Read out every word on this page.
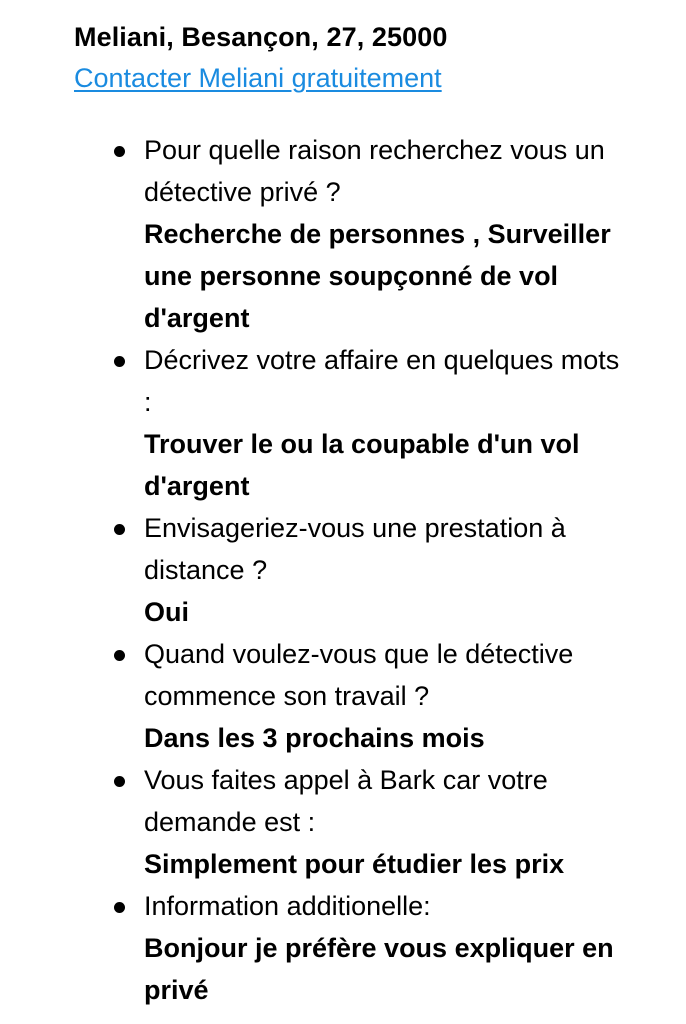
Meliani, Besançon, 27, 25000
Contacter Meliani gratuitement
Pour quelle raison recherchez vous un détective privé ?
Recherche de personnes , Surveiller une personne soupçonné de vol d'argent
Décrivez votre affaire en quelques mots :
Trouver le ou la coupable d'un vol d'argent
Envisageriez-vous une prestation à distance ?
Oui
Quand voulez-vous que le détective commence son travail ?
Dans les 3 prochains mois
Vous faites appel à Bark car votre demande est :
Simplement pour étudier les prix
Information additionelle:
Bonjour je préfère vous expliquer en privé
